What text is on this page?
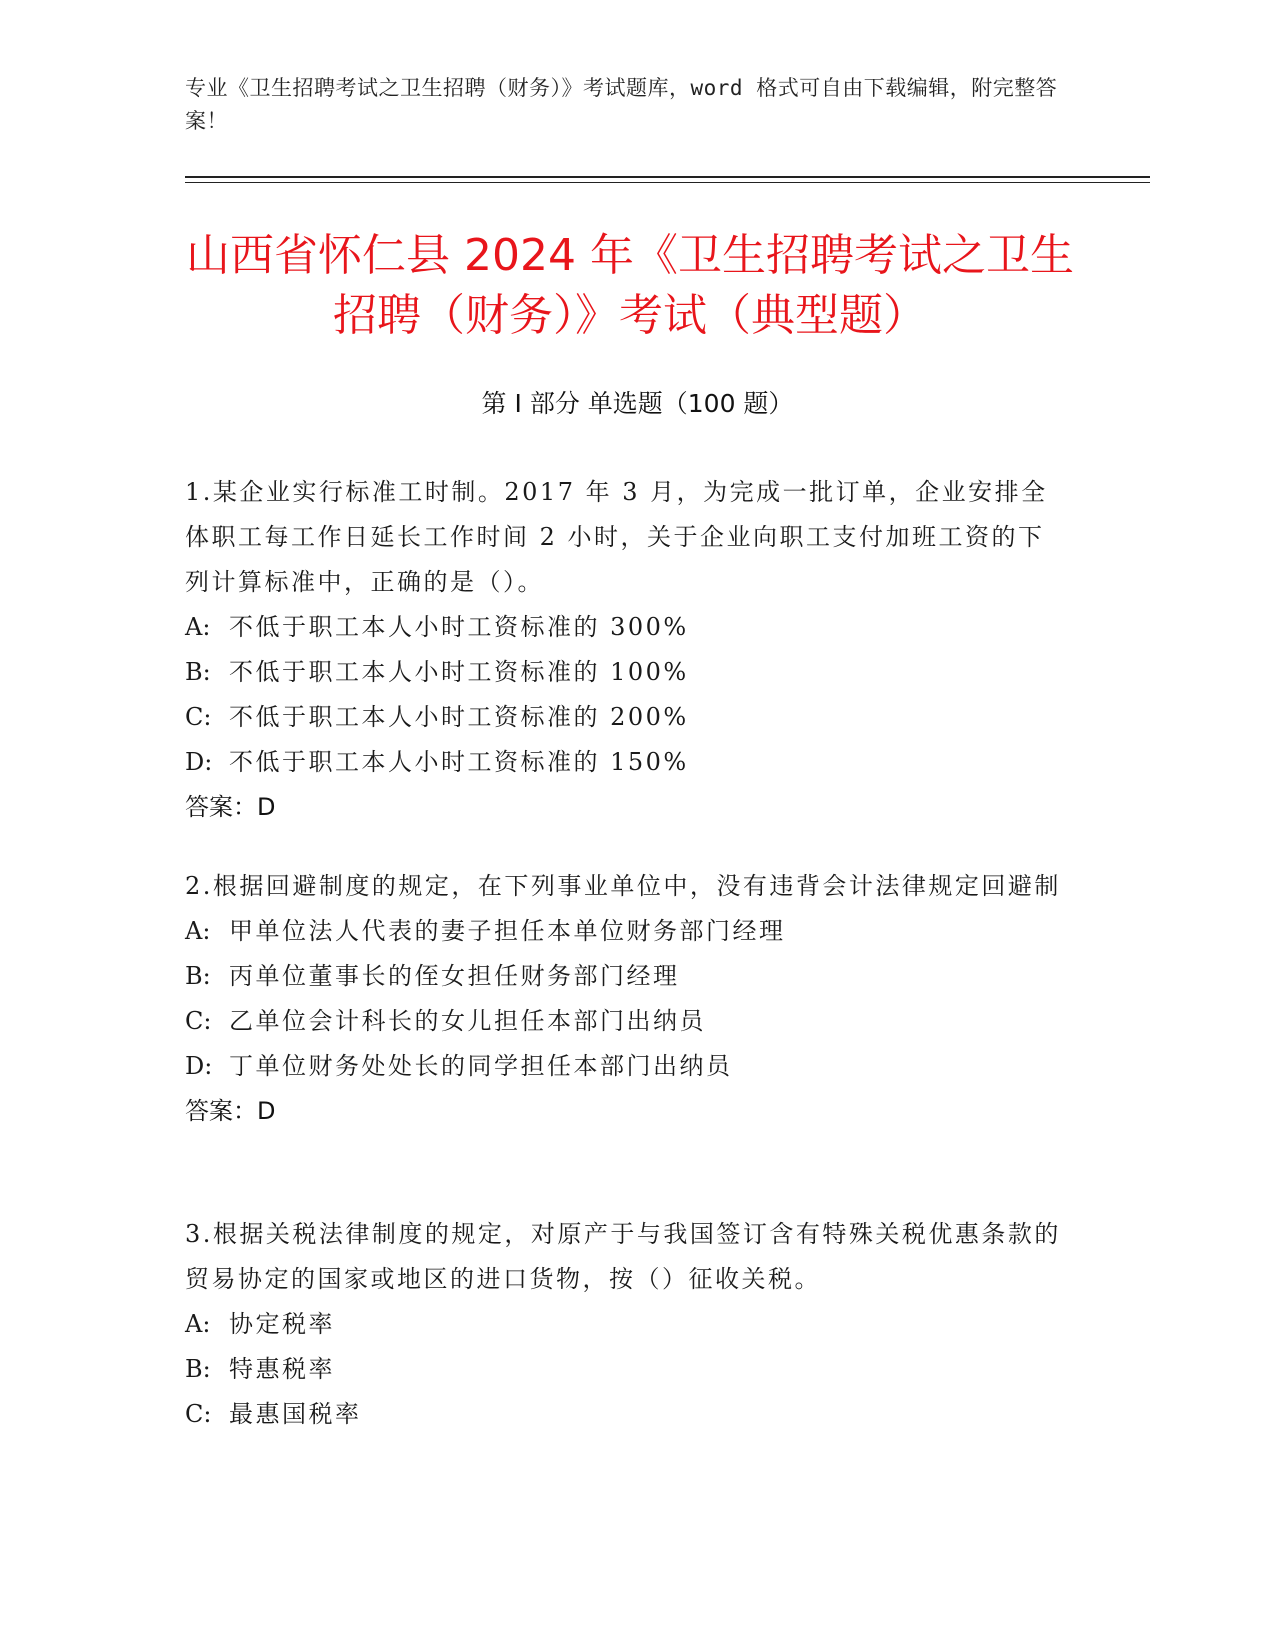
专业《卫生招聘考试之卫生招聘（财务）》考试题库，word 格式可自由下载编辑，附完整答案！
山西省怀仁县 2024 年《卫生招聘考试之卫生
招聘（财务）》考试（典型题）
第 I 部分 单选题（100 题）

1.某企业实行标准工时制。2017 年 3 月，为完成一批订单，企业安排全体职工每工作日延长工作时间 2 小时，关于企业向职工支付加班工资的下列计算标准中，正确的是（）。

A: 不低于职工本人小时工资标准的 300%

B: 不低于职工本人小时工资标准的 100%

C: 不低于职工本人小时工资标准的 200%

D: 不低于职工本人小时工资标准的 150%

答案：D

2.根据回避制度的规定，在下列事业单位中，没有违背会计法律规定回避制

A: 甲单位法人代表的妻子担任本单位财务部门经理

B: 丙单位董事长的侄女担任财务部门经理

C: 乙单位会计科长的女儿担任本部门出纳员

D: 丁单位财务处处长的同学担任本部门出纳员

答案：D

3.根据关税法律制度的规定，对原产于与我国签订含有特殊关税优惠条款的贸易协定的国家或地区的进口货物，按（）征收关税。

A: 协定税率

B: 特惠税率

C: 最惠国税率
